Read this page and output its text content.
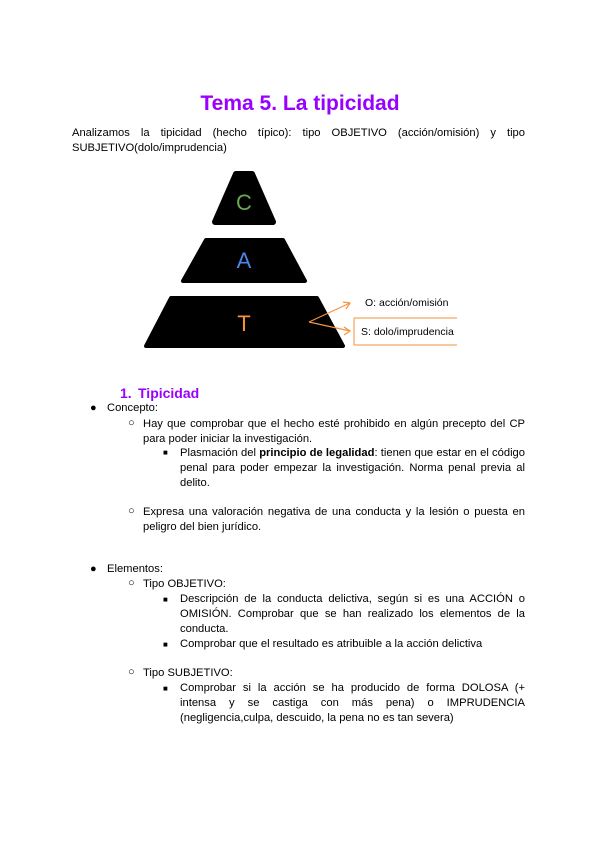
Tema 5. La tipicidad
Analizamos la tipicidad (hecho típico): tipo OBJETIVO (acción/omisión) y tipo
SUBJETIVO(dolo/imprudencia)
C
A
T
O: acción/omisión
S: dolo/imprudencia
1. Tipicidad
● Concepto:
○ Hay que comprobar que el hecho esté prohibido en algún precepto del CP para poder iniciar la investigación.
■ Plasmación del principio de legalidad: tienen que estar en el código penal para poder empezar la investigación. Norma penal previa al delito.
○ Expresa una valoración negativa de una conducta y la lesión o puesta en peligro del bien jurídico.
● Elementos:
○ Tipo OBJETIVO:
■ Descripción de la conducta delictiva, según si es una ACCIÓN o OMISIÓN. Comprobar que se han realizado los elementos de la conducta.
■ Comprobar que el resultado es atribuible a la acción delictiva
○ Tipo SUBJETIVO:
■ Comprobar si la acción se ha producido de forma DOLOSA (+ intensa y se castiga con más pena) o IMPRUDENCIA (negligencia,culpa, descuido, la pena no es tan severa)
